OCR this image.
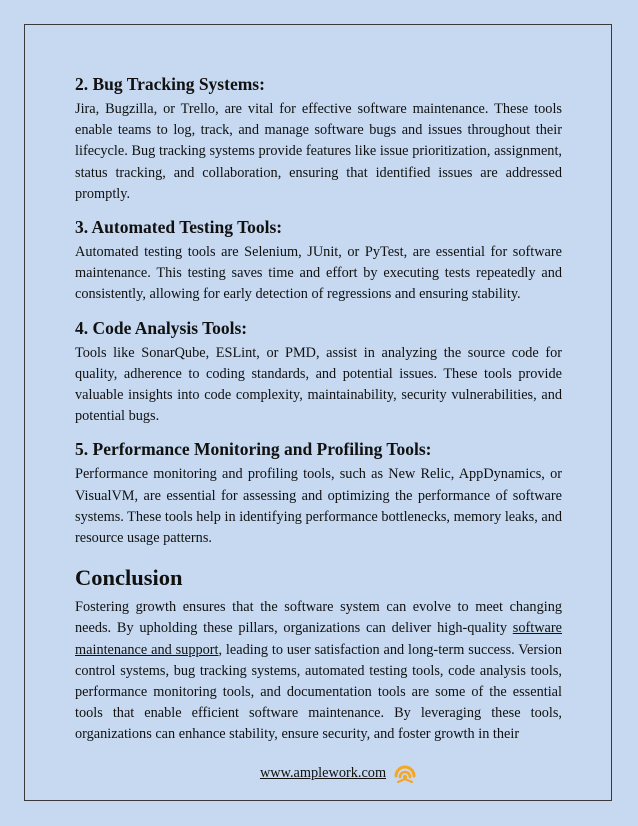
2. Bug Tracking Systems:

Jira, Bugzilla, or Trello, are vital for effective software maintenance. These tools enable teams to log, track, and manage software bugs and issues throughout their lifecycle. Bug tracking systems provide features like issue prioritization, assignment, status tracking, and collaboration, ensuring that identified issues are addressed promptly.

3. Automated Testing Tools:

Automated testing tools are Selenium, JUnit, or PyTest, are essential for software maintenance. This testing saves time and effort by executing tests repeatedly and consistently, allowing for early detection of regressions and ensuring stability.

4. Code Analysis Tools:

Tools like SonarQube, ESLint, or PMD, assist in analyzing the source code for quality, adherence to coding standards, and potential issues. These tools provide valuable insights into code complexity, maintainability, security vulnerabilities, and potential bugs.

5. Performance Monitoring and Profiling Tools:

Performance monitoring and profiling tools, such as New Relic, AppDynamics, or VisualVM, are essential for assessing and optimizing the performance of software systems. These tools help in identifying performance bottlenecks, memory leaks, and resource usage patterns.

Conclusion

Fostering growth ensures that the software system can evolve to meet changing needs. By upholding these pillars, organizations can deliver high-quality software maintenance and support, leading to user satisfaction and long-term success. Version control systems, bug tracking systems, automated testing tools, code analysis tools, performance monitoring tools, and documentation tools are some of the essential tools that enable efficient software maintenance. By leveraging these tools, organizations can enhance stability, ensure security, and foster growth in their

www.amplework.com
